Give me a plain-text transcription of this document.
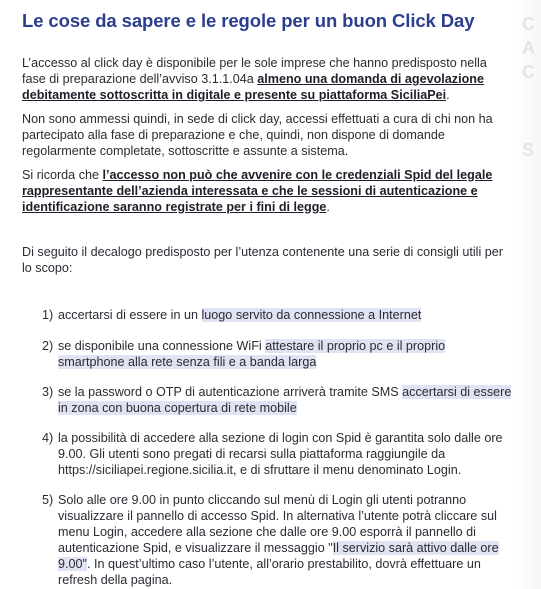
C
A
C
S
Le cose da sapere e le regole per un buon Click Day

L’accesso al click day è disponibile per le sole imprese che hanno predisposto nella fase di preparazione dell’avviso 3.1.1.04a almeno una domanda di agevolazione debitamente sottoscritta in digitale e presente su piattaforma SiciliaPei.

Non sono ammessi quindi, in sede di click day, accessi effettuati a cura di chi non ha partecipato alla fase di preparazione e che, quindi, non dispone di domande regolarmente completate, sottoscritte e assunte a sistema.

Si ricorda che l’accesso non può che avvenire con le credenziali Spid del legale rappresentante dell’azienda interessata e che le sessioni di autenticazione e identificazione saranno registrate per i fini di legge.

Di seguito il decalogo predisposto per l’utenza contenente una serie di consigli utili per lo scopo:

1) accertarsi di essere in un luogo servito da connessione a Internet
2) se disponibile una connessione WiFi attestare il proprio pc e il proprio smartphone alla rete senza fili e a banda larga
3) se la password o OTP di autenticazione arriverà tramite SMS accertarsi di essere in zona con buona copertura di rete mobile
4) la possibilità di accedere alla sezione di login con Spid è garantita solo dalle ore 9.00. Gli utenti sono pregati di recarsi sulla piattaforma raggiungile da https://siciliapei.regione.sicilia.it, e di sfruttare il menu denominato Login.
5) Solo alle ore 9.00 in punto cliccando sul menù di Login gli utenti potranno visualizzare il pannello di accesso Spid. In alternativa l’utente potrà cliccare sul menu Login, accedere alla sezione che dalle ore 9.00 esporrà il pannello di autenticazione Spid, e visualizzare il messaggio "Il servizio sarà attivo dalle ore 9.00". In quest’ultimo caso l’utente, all’orario prestabilito, dovrà effettuare un refresh della pagina.
